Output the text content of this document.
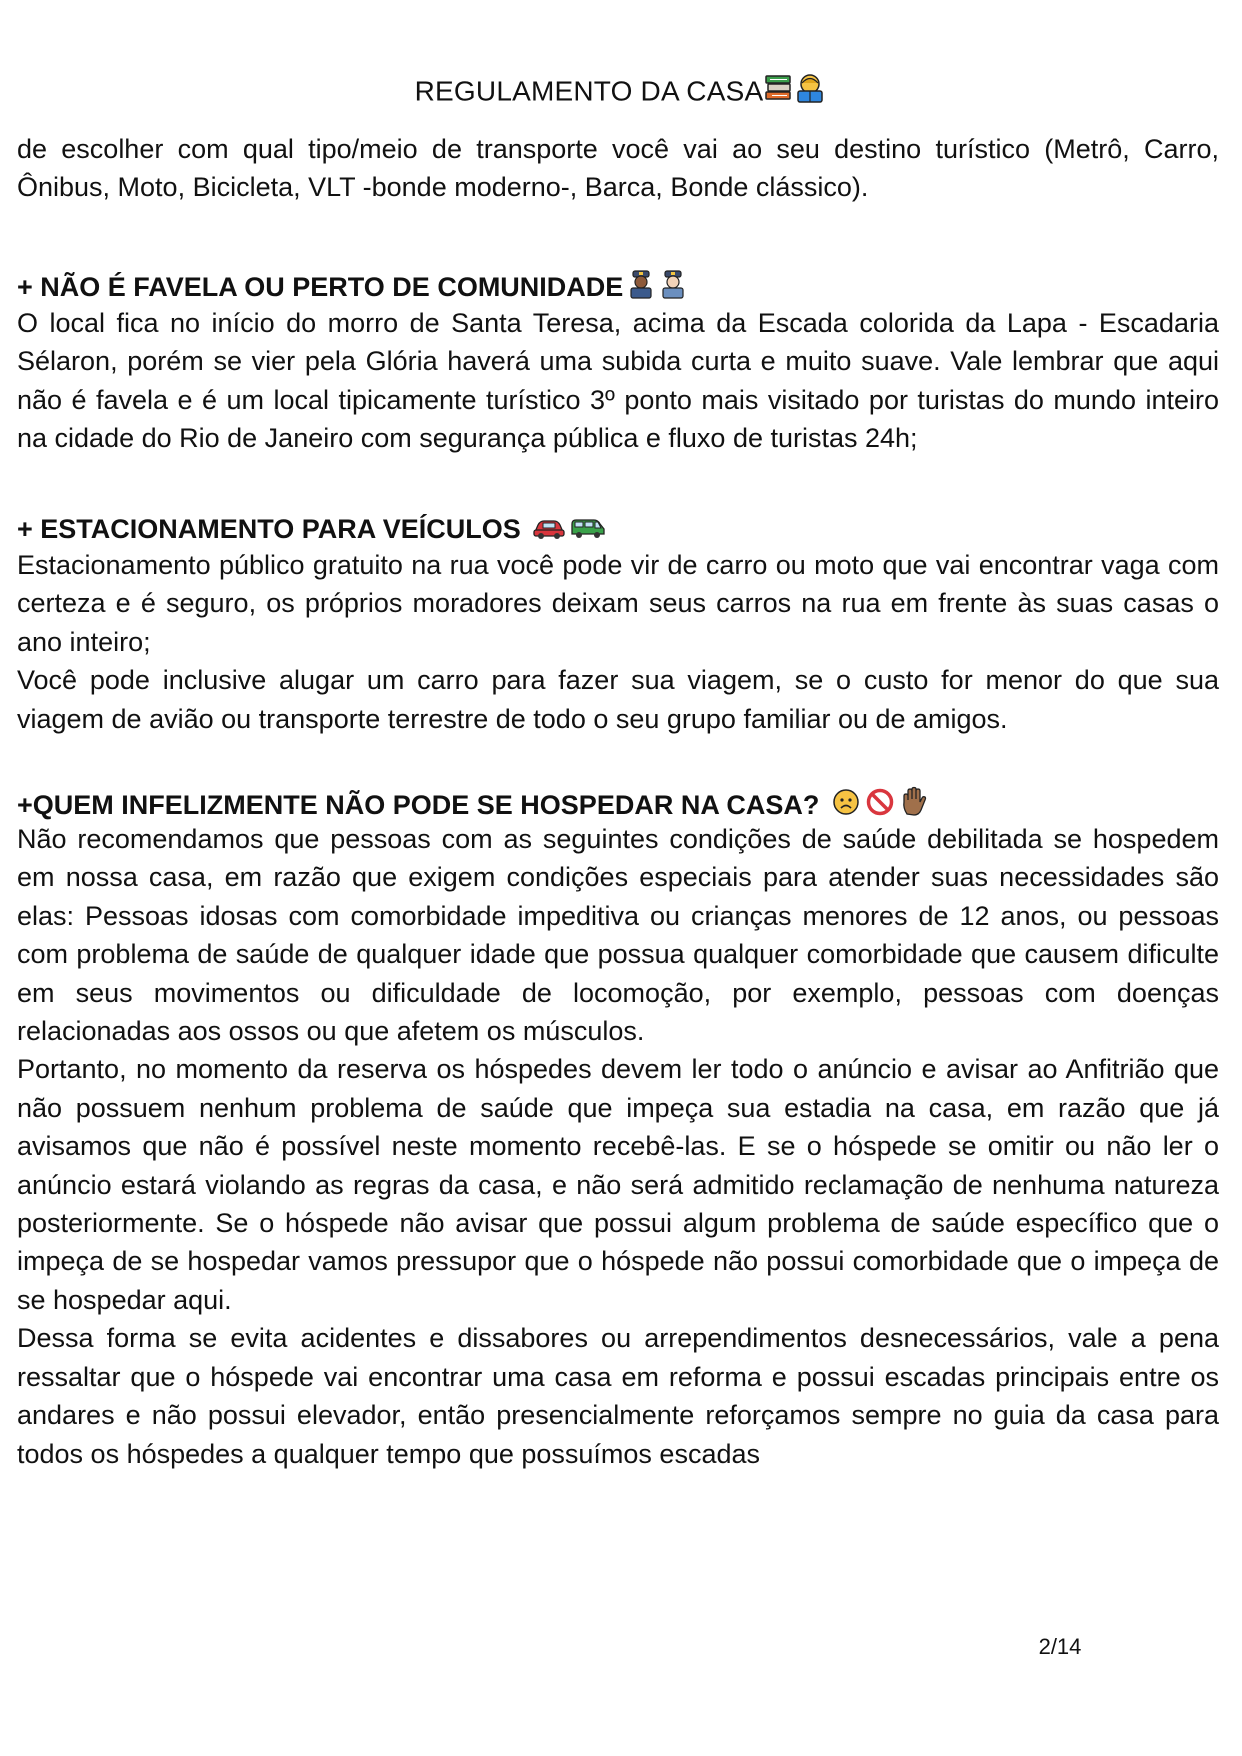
REGULAMENTO DA CASA

de escolher com qual tipo/meio de transporte você vai ao seu destino turístico (Metrô, Carro, Ônibus, Moto, Bicicleta, VLT -bonde moderno-, Barca, Bonde clássico).

+ NÃO É FAVELA OU PERTO DE COMUNIDADE

O local fica no início do morro de Santa Teresa, acima da Escada colorida da Lapa - Escadaria Sélaron, porém se vier pela Glória haverá uma subida curta e muito suave. Vale lembrar que aqui não é favela e é um local tipicamente turístico 3º ponto mais visitado por turistas do mundo inteiro na cidade do Rio de Janeiro com segurança pública e fluxo de turistas 24h;

+ ESTACIONAMENTO PARA VEÍCULOS

Estacionamento público gratuito na rua você pode vir de carro ou moto que vai encontrar vaga com certeza e é seguro, os próprios moradores deixam seus carros na rua em frente às suas casas o ano inteiro;

Você pode inclusive alugar um carro para fazer sua viagem, se o custo for menor do que sua viagem de avião ou transporte terrestre de todo o seu grupo familiar ou de amigos.

+QUEM INFELIZMENTE NÃO PODE SE HOSPEDAR NA CASA?

Não recomendamos que pessoas com as seguintes condições de saúde debilitada se hospedem em nossa casa, em razão que exigem condições especiais para atender suas necessidades são elas: Pessoas idosas com comorbidade impeditiva ou crianças menores de 12 anos, ou pessoas com problema de saúde de qualquer idade que possua qualquer comorbidade que causem dificulte em seus movimentos ou dificuldade de locomoção, por exemplo, pessoas com doenças relacionadas aos ossos ou que afetem os músculos.

Portanto, no momento da reserva os hóspedes devem ler todo o anúncio e avisar ao Anfitrião que não possuem nenhum problema de saúde que impeça sua estadia na casa, em razão que já avisamos que não é possível neste momento recebê-las. E se o hóspede se omitir ou não ler o anúncio estará violando as regras da casa, e não será admitido reclamação de nenhuma natureza posteriormente. Se o hóspede não avisar que possui algum problema de saúde específico que o impeça de se hospedar vamos pressupor que o hóspede não possui comorbidade que o impeça de se hospedar aqui.

Dessa forma se evita acidentes e dissabores ou arrependimentos desnecessários, vale a pena ressaltar que o hóspede vai encontrar uma casa em reforma e possui escadas principais entre os andares e não possui elevador, então presencialmente reforçamos sempre no guia da casa para todos os hóspedes a qualquer tempo que possuímos escadas

2/14
